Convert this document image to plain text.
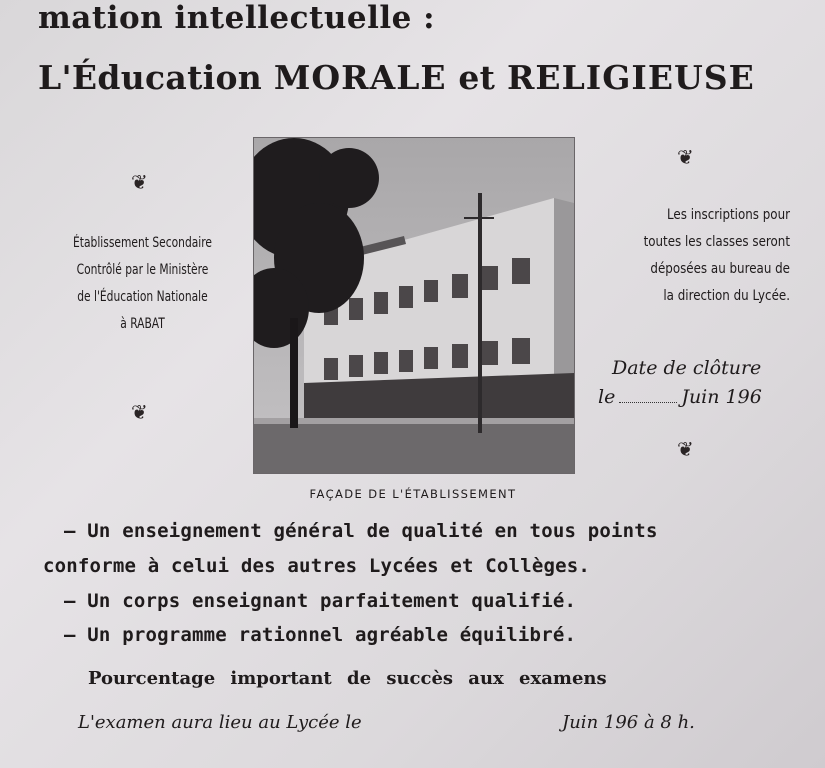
mation intellectuelle :
L'Éducation MORALE et RELIGIEUSE
❦
❦
❦
❦
Établissement Secondaire
Contrôlé par le Ministère
de l'Éducation Nationale
à RABAT
Les inscriptions pour
toutes les classes seront
déposées au bureau de
la direction du Lycée.
Date de clôture
le	Juin 196
FAÇADE DE L'ÉTABLISSEMENT
— Un enseignement général de qualité en tous points
conforme à celui des autres Lycées et Collèges.
— Un corps enseignant parfaitement qualifié.
— Un programme rationnel agréable équilibré.
Pourcentage important de succès aux examens
L'examen aura lieu au Lycée le	Juin 196 à 8 h.
